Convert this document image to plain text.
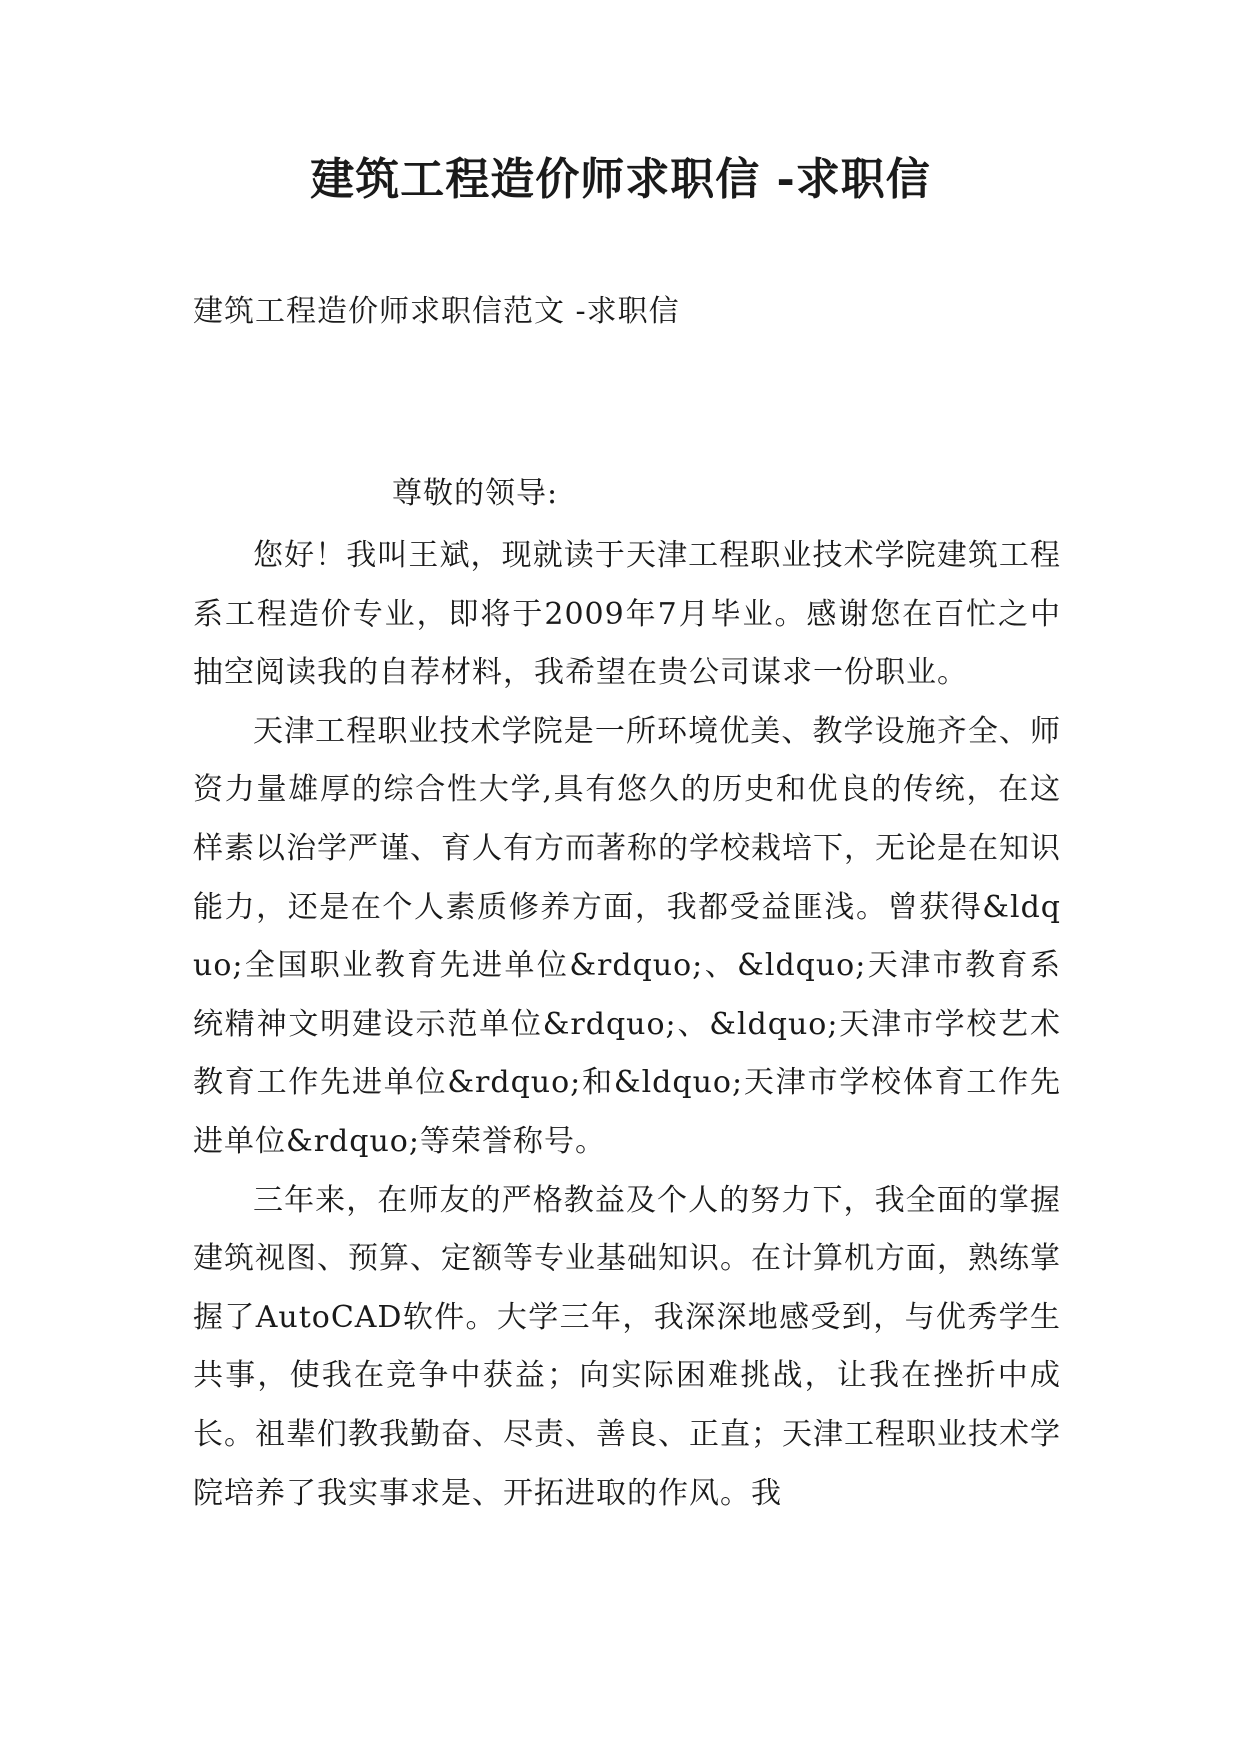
建筑工程造价师求职信 -求职信
建筑工程造价师求职信范文 -求职信
尊敬的领导:

您好！我叫王斌，现就读于天津工程职业技术学院建筑工程系工程造价专业，即将于2009年7月毕业。感谢您在百忙之中抽空阅读我的自荐材料，我希望在贵公司谋求一份职业。

天津工程职业技术学院是一所环境优美、教学设施齐全、师资力量雄厚的综合性大学,具有悠久的历史和优良的传统，在这样素以治学严谨、育人有方而著称的学校栽培下，无论是在知识能力，还是在个人素质修养方面，我都受益匪浅。曾获得&ldquo;全国职业教育先进单位&rdquo;、&ldquo;天津市教育系统精神文明建设示范单位&rdquo;、&ldquo;天津市学校艺术教育工作先进单位&rdquo;和&ldquo;天津市学校体育工作先进单位&rdquo;等荣誉称号。

三年来，在师友的严格教益及个人的努力下，我全面的掌握建筑视图、预算、定额等专业基础知识。在计算机方面，熟练掌握了AutoCAD软件。大学三年，我深深地感受到，与优秀学生共事，使我在竞争中获益；向实际困难挑战，让我在挫折中成长。祖辈们教我勤奋、尽责、善良、正直；天津工程职业技术学院培养了我实事求是、开拓进取的作风。我
